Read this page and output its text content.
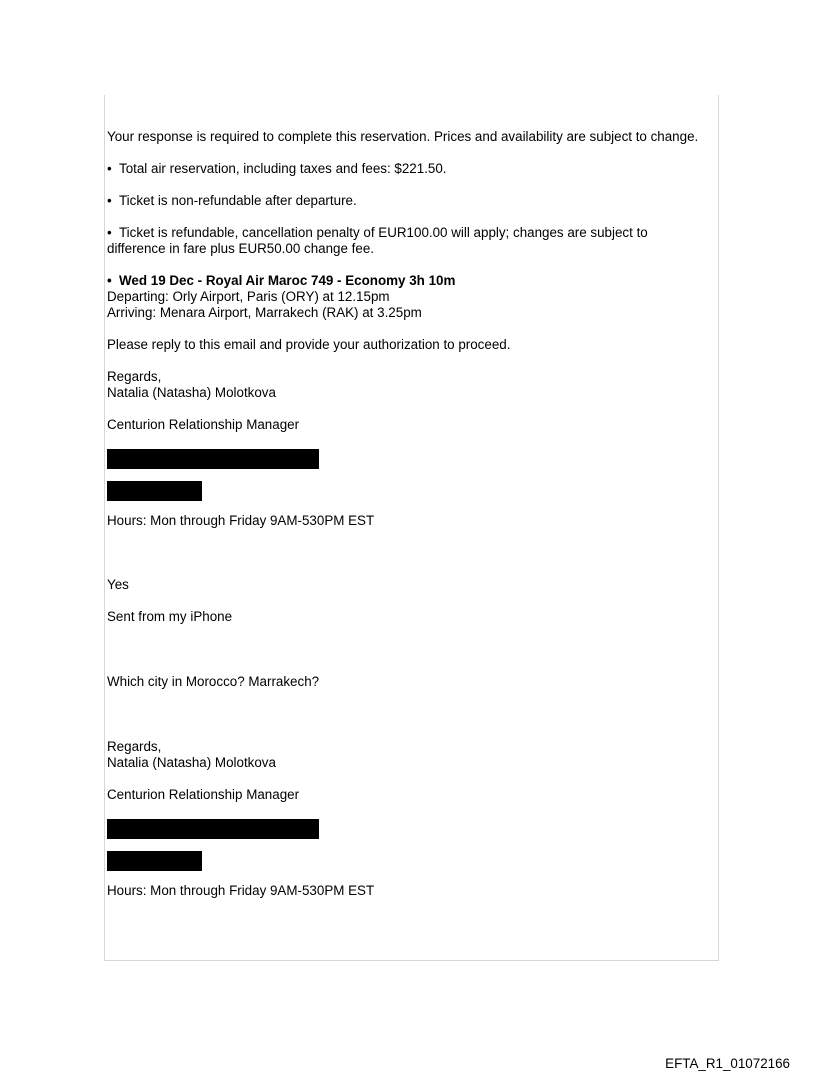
Your response is required to complete this reservation. Prices and availability are subject to change.

• Total air reservation, including taxes and fees: $221.50.

• Ticket is non-refundable after departure.

• Ticket is refundable, cancellation penalty of EUR100.00 will apply; changes are subject to difference in fare plus EUR50.00 change fee.

• Wed 19 Dec - Royal Air Maroc 749 - Economy 3h 10m
Departing: Orly Airport, Paris (ORY) at 12.15pm
Arriving: Menara Airport, Marrakech (RAK) at 3.25pm

Please reply to this email and provide your authorization to proceed.

Regards,
Natalia (Natasha) Molotkova

Centurion Relationship Manager

Hours: Mon through Friday 9AM-530PM EST

Yes

Sent from my iPhone

Which city in Morocco? Marrakech?

Regards,
Natalia (Natasha) Molotkova

Centurion Relationship Manager

Hours: Mon through Friday 9AM-530PM EST

EFTA_R1_01072166
